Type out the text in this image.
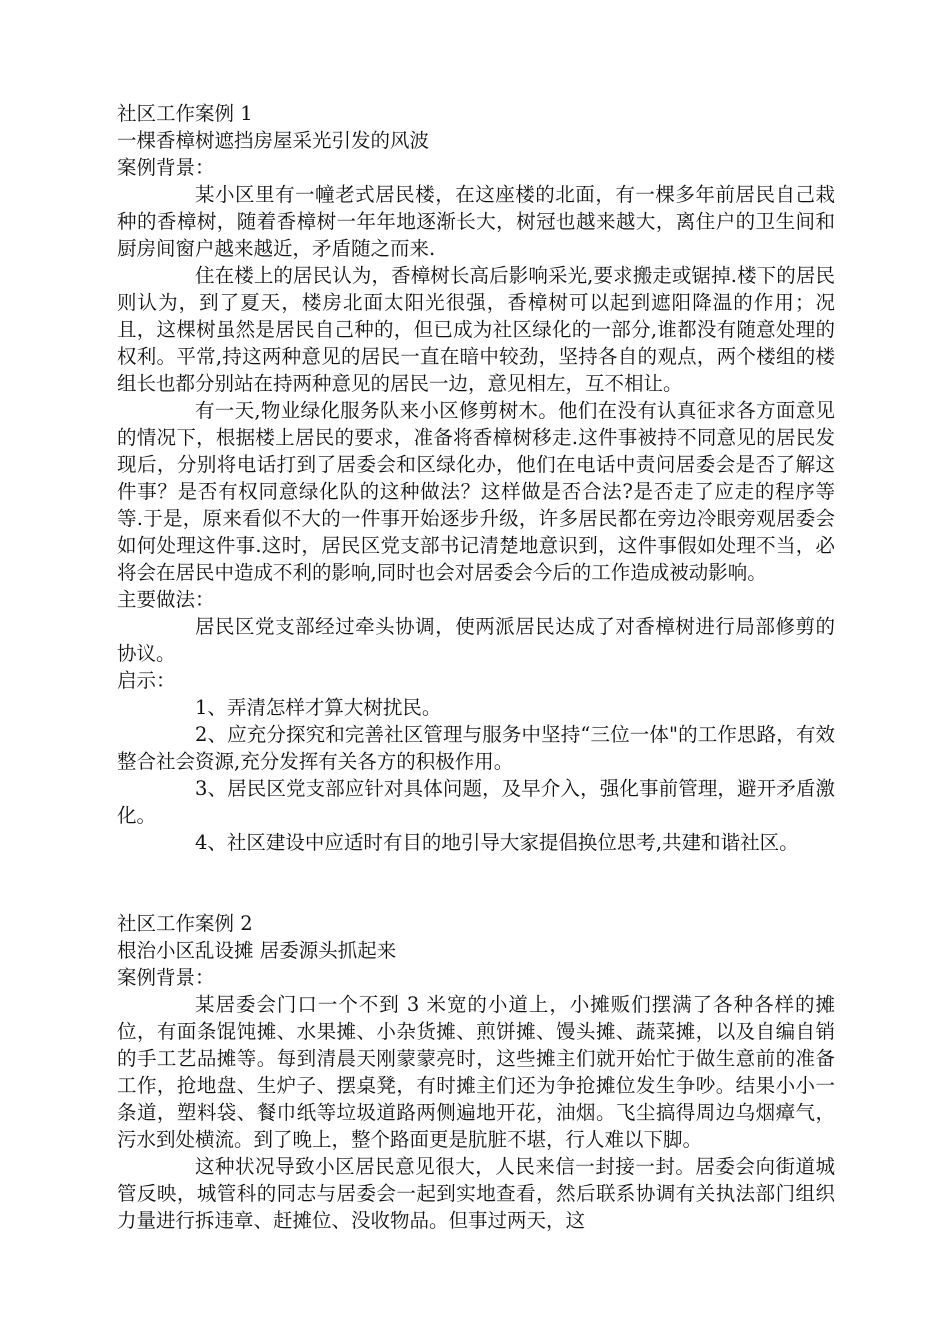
社区工作案例 1

一棵香樟树遮挡房屋采光引发的风波

案例背景：

某小区里有一幢老式居民楼，在这座楼的北面，有一棵多年前居民自己栽种的香樟树，随着香樟树一年年地逐渐长大，树冠也越来越大，离住户的卫生间和厨房间窗户越来越近，矛盾随之而来.

住在楼上的居民认为，香樟树长高后影响采光,要求搬走或锯掉.楼下的居民则认为，到了夏天，楼房北面太阳光很强，香樟树可以起到遮阳降温的作用；况且，这棵树虽然是居民自己种的，但已成为社区绿化的一部分,谁都没有随意处理的权利。平常,持这两种意见的居民一直在暗中较劲，坚持各自的观点，两个楼组的楼组长也都分别站在持两种意见的居民一边，意见相左，互不相让。

有一天,物业绿化服务队来小区修剪树木。他们在没有认真征求各方面意见的情况下，根据楼上居民的要求，准备将香樟树移走.这件事被持不同意见的居民发现后，分别将电话打到了居委会和区绿化办，他们在电话中责问居委会是否了解这件事？是否有权同意绿化队的这种做法？这样做是否合法?是否走了应走的程序等等.于是，原来看似不大的一件事开始逐步升级，许多居民都在旁边冷眼旁观居委会如何处理这件事.这时，居民区党支部书记清楚地意识到，这件事假如处理不当，必将会在居民中造成不利的影响,同时也会对居委会今后的工作造成被动影响。

主要做法：

居民区党支部经过牵头协调，使两派居民达成了对香樟树进行局部修剪的协议。

启示：

1、弄清怎样才算大树扰民。

2、应充分探究和完善社区管理与服务中坚持“三位一体"的工作思路，有效整合社会资源,充分发挥有关各方的积极作用。

3、居民区党支部应针对具体问题，及早介入，强化事前管理，避开矛盾激化。

4、社区建设中应适时有目的地引导大家提倡换位思考,共建和谐社区。

社区工作案例 2

根治小区乱设摊 居委源头抓起来

案例背景：

某居委会门口一个不到 3 米宽的小道上，小摊贩们摆满了各种各样的摊位，有面条馄饨摊、水果摊、小杂货摊、煎饼摊、馒头摊、蔬菜摊，以及自编自销的手工艺品摊等。每到清晨天刚蒙蒙亮时，这些摊主们就开始忙于做生意前的准备工作，抢地盘、生炉子、摆桌凳，有时摊主们还为争抢摊位发生争吵。结果小小一条道，塑料袋、餐巾纸等垃圾道路两侧遍地开花，油烟。飞尘搞得周边乌烟瘴气，污水到处横流。到了晚上，整个路面更是肮脏不堪，行人难以下脚。

这种状况导致小区居民意见很大，人民来信一封接一封。居委会向街道城管反映，城管科的同志与居委会一起到实地查看，然后联系协调有关执法部门组织力量进行拆违章、赶摊位、没收物品。但事过两天，这
